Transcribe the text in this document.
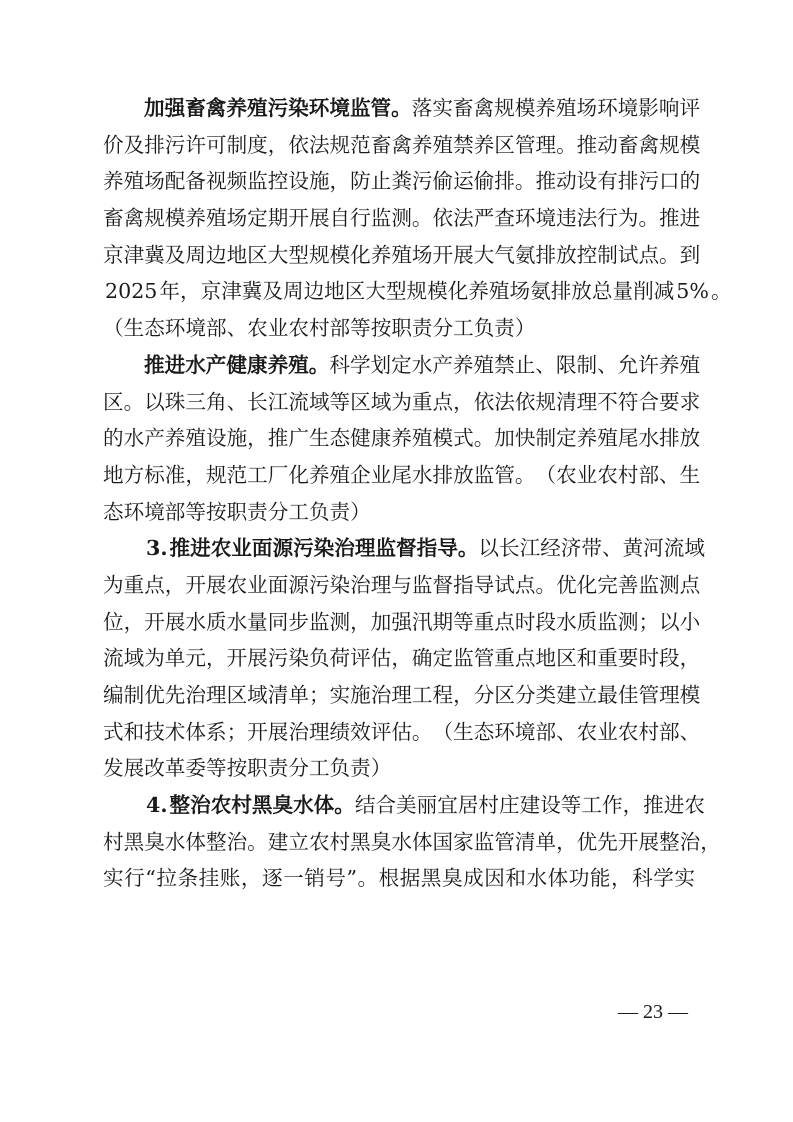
加 强 畜 禽 养 殖 污 染 环 境 监 管 。 落 实 畜 禽 规 模 养 殖 场 环 境 影 响 评
价 及 排 污 许 可 制 度 ， 依 法 规 范 畜 禽 养 殖 禁 养 区 管 理 。 推 动 畜 禽 规 模
养 殖 场 配 备 视 频 监 控 设 施 ， 防 止 粪 污 偷 运 偷 排 。 推 动 设 有 排 污 口 的
畜 禽 规 模 养 殖 场 定 期 开 展 自 行 监 测 。 依 法 严 查 环 境 违 法 行 为 。 推 进
京 津 冀 及 周 边 地 区 大 型 规 模 化 养 殖 场 开 展 大 气 氨 排 放 控 制 试 点 。 到
2025 年 ， 京 津 冀 及 周 边 地 区 大 型 规 模 化 养 殖 场 氨 排 放 总 量 削 减 5% 。
（ 生 态 环 境 部 、 农 业 农 村 部 等 按 职 责 分 工 负 责 ）
推 进 水 产 健 康 养 殖 。 科 学 划 定 水 产 养 殖 禁 止 、 限 制 、 允 许 养 殖
区 。 以 珠 三 角 、 长 江 流 域 等 区 域 为 重 点 ， 依 法 依 规 清 理 不 符 合 要 求
的 水 产 养 殖 设 施 ， 推 广 生 态 健 康 养 殖 模 式 。 加 快 制 定 养 殖 尾 水 排 放
地 方 标 准 ， 规 范 工 厂 化 养 殖 企 业 尾 水 排 放 监 管 。 （ 农 业 农 村 部 、 生
态 环 境 部 等 按 职 责 分 工 负 责 ）
3. 推 进 农 业 面 源 污 染 治 理 监 督 指 导 。 以 长 江 经 济 带 、 黄 河 流 域
为 重 点 ， 开 展 农 业 面 源 污 染 治 理 与 监 督 指 导 试 点 。 优 化 完 善 监 测 点
位 ， 开 展 水 质 水 量 同 步 监 测 ， 加 强 汛 期 等 重 点 时 段 水 质 监 测 ； 以 小
流 域 为 单 元 ， 开 展 污 染 负 荷 评 估 ， 确 定 监 管 重 点 地 区 和 重 要 时 段 ，
编 制 优 先 治 理 区 域 清 单 ； 实 施 治 理 工 程 ， 分 区 分 类 建 立 最 佳 管 理 模
式 和 技 术 体 系 ； 开 展 治 理 绩 效 评 估 。 （ 生 态 环 境 部 、 农 业 农 村 部 、
发 展 改 革 委 等 按 职 责 分 工 负 责 ）
4. 整 治 农 村 黑 臭 水 体 。 结 合 美 丽 宜 居 村 庄 建 设 等 工 作 ， 推 进 农
村 黑 臭 水 体 整 治 。 建 立 农 村 黑 臭 水 体 国 家 监 管 清 单 ， 优 先 开 展 整 治 ，
实 行 “ 拉 条 挂 账 ， 逐 一 销 号 ” 。 根 据 黑 臭 成 因 和 水 体 功 能 ， 科 学 实
— 23 —
